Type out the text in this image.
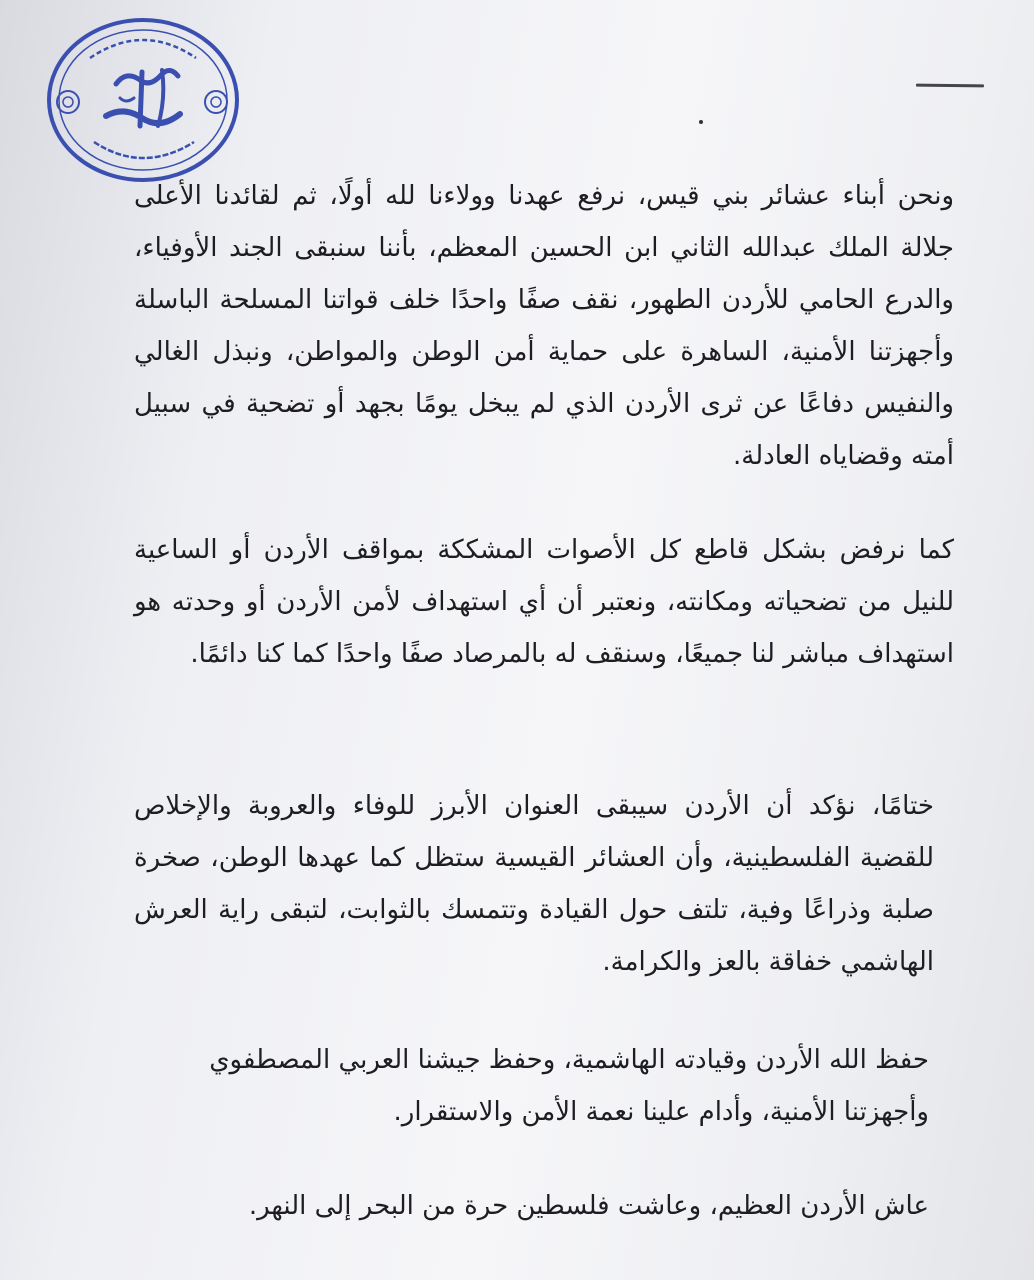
ونحن أبناء عشائر بني قيس، نرفع عهدنا وولاءنا لله أولًا، ثم لقائدنا الأعلى جلالة الملك عبدالله الثاني ابن الحسين المعظم، بأننا سنبقى الجند الأوفياء، والدرع الحامي للأردن الطهور، نقف صفًا واحدًا خلف قواتنا المسلحة الباسلة وأجهزتنا الأمنية، الساهرة على حماية أمن الوطن والمواطن، ونبذل الغالي والنفيس دفاعًا عن ثرى الأردن الذي لم يبخل يومًا بجهد أو تضحية في سبيل أمته وقضاياه العادلة.

كما نرفض بشكل قاطع كل الأصوات المشككة بمواقف الأردن أو الساعية للنيل من تضحياته ومكانته، ونعتبر أن أي استهداف لأمن الأردن أو وحدته هو استهداف مباشر لنا جميعًا، وسنقف له بالمرصاد صفًا واحدًا كما كنا دائمًا.

ختامًا، نؤكد أن الأردن سيبقى العنوان الأبرز للوفاء والعروبة والإخلاص للقضية الفلسطينية، وأن العشائر القيسية ستظل كما عهدها الوطن، صخرة صلبة وذراعًا وفية، تلتف حول القيادة وتتمسك بالثوابت، لتبقى راية العرش الهاشمي خفاقة بالعز والكرامة.

حفظ الله الأردن وقيادته الهاشمية، وحفظ جيشنا العربي المصطفوي وأجهزتنا الأمنية، وأدام علينا نعمة الأمن والاستقرار.

عاش الأردن العظيم، وعاشت فلسطين حرة من البحر إلى النهر.
